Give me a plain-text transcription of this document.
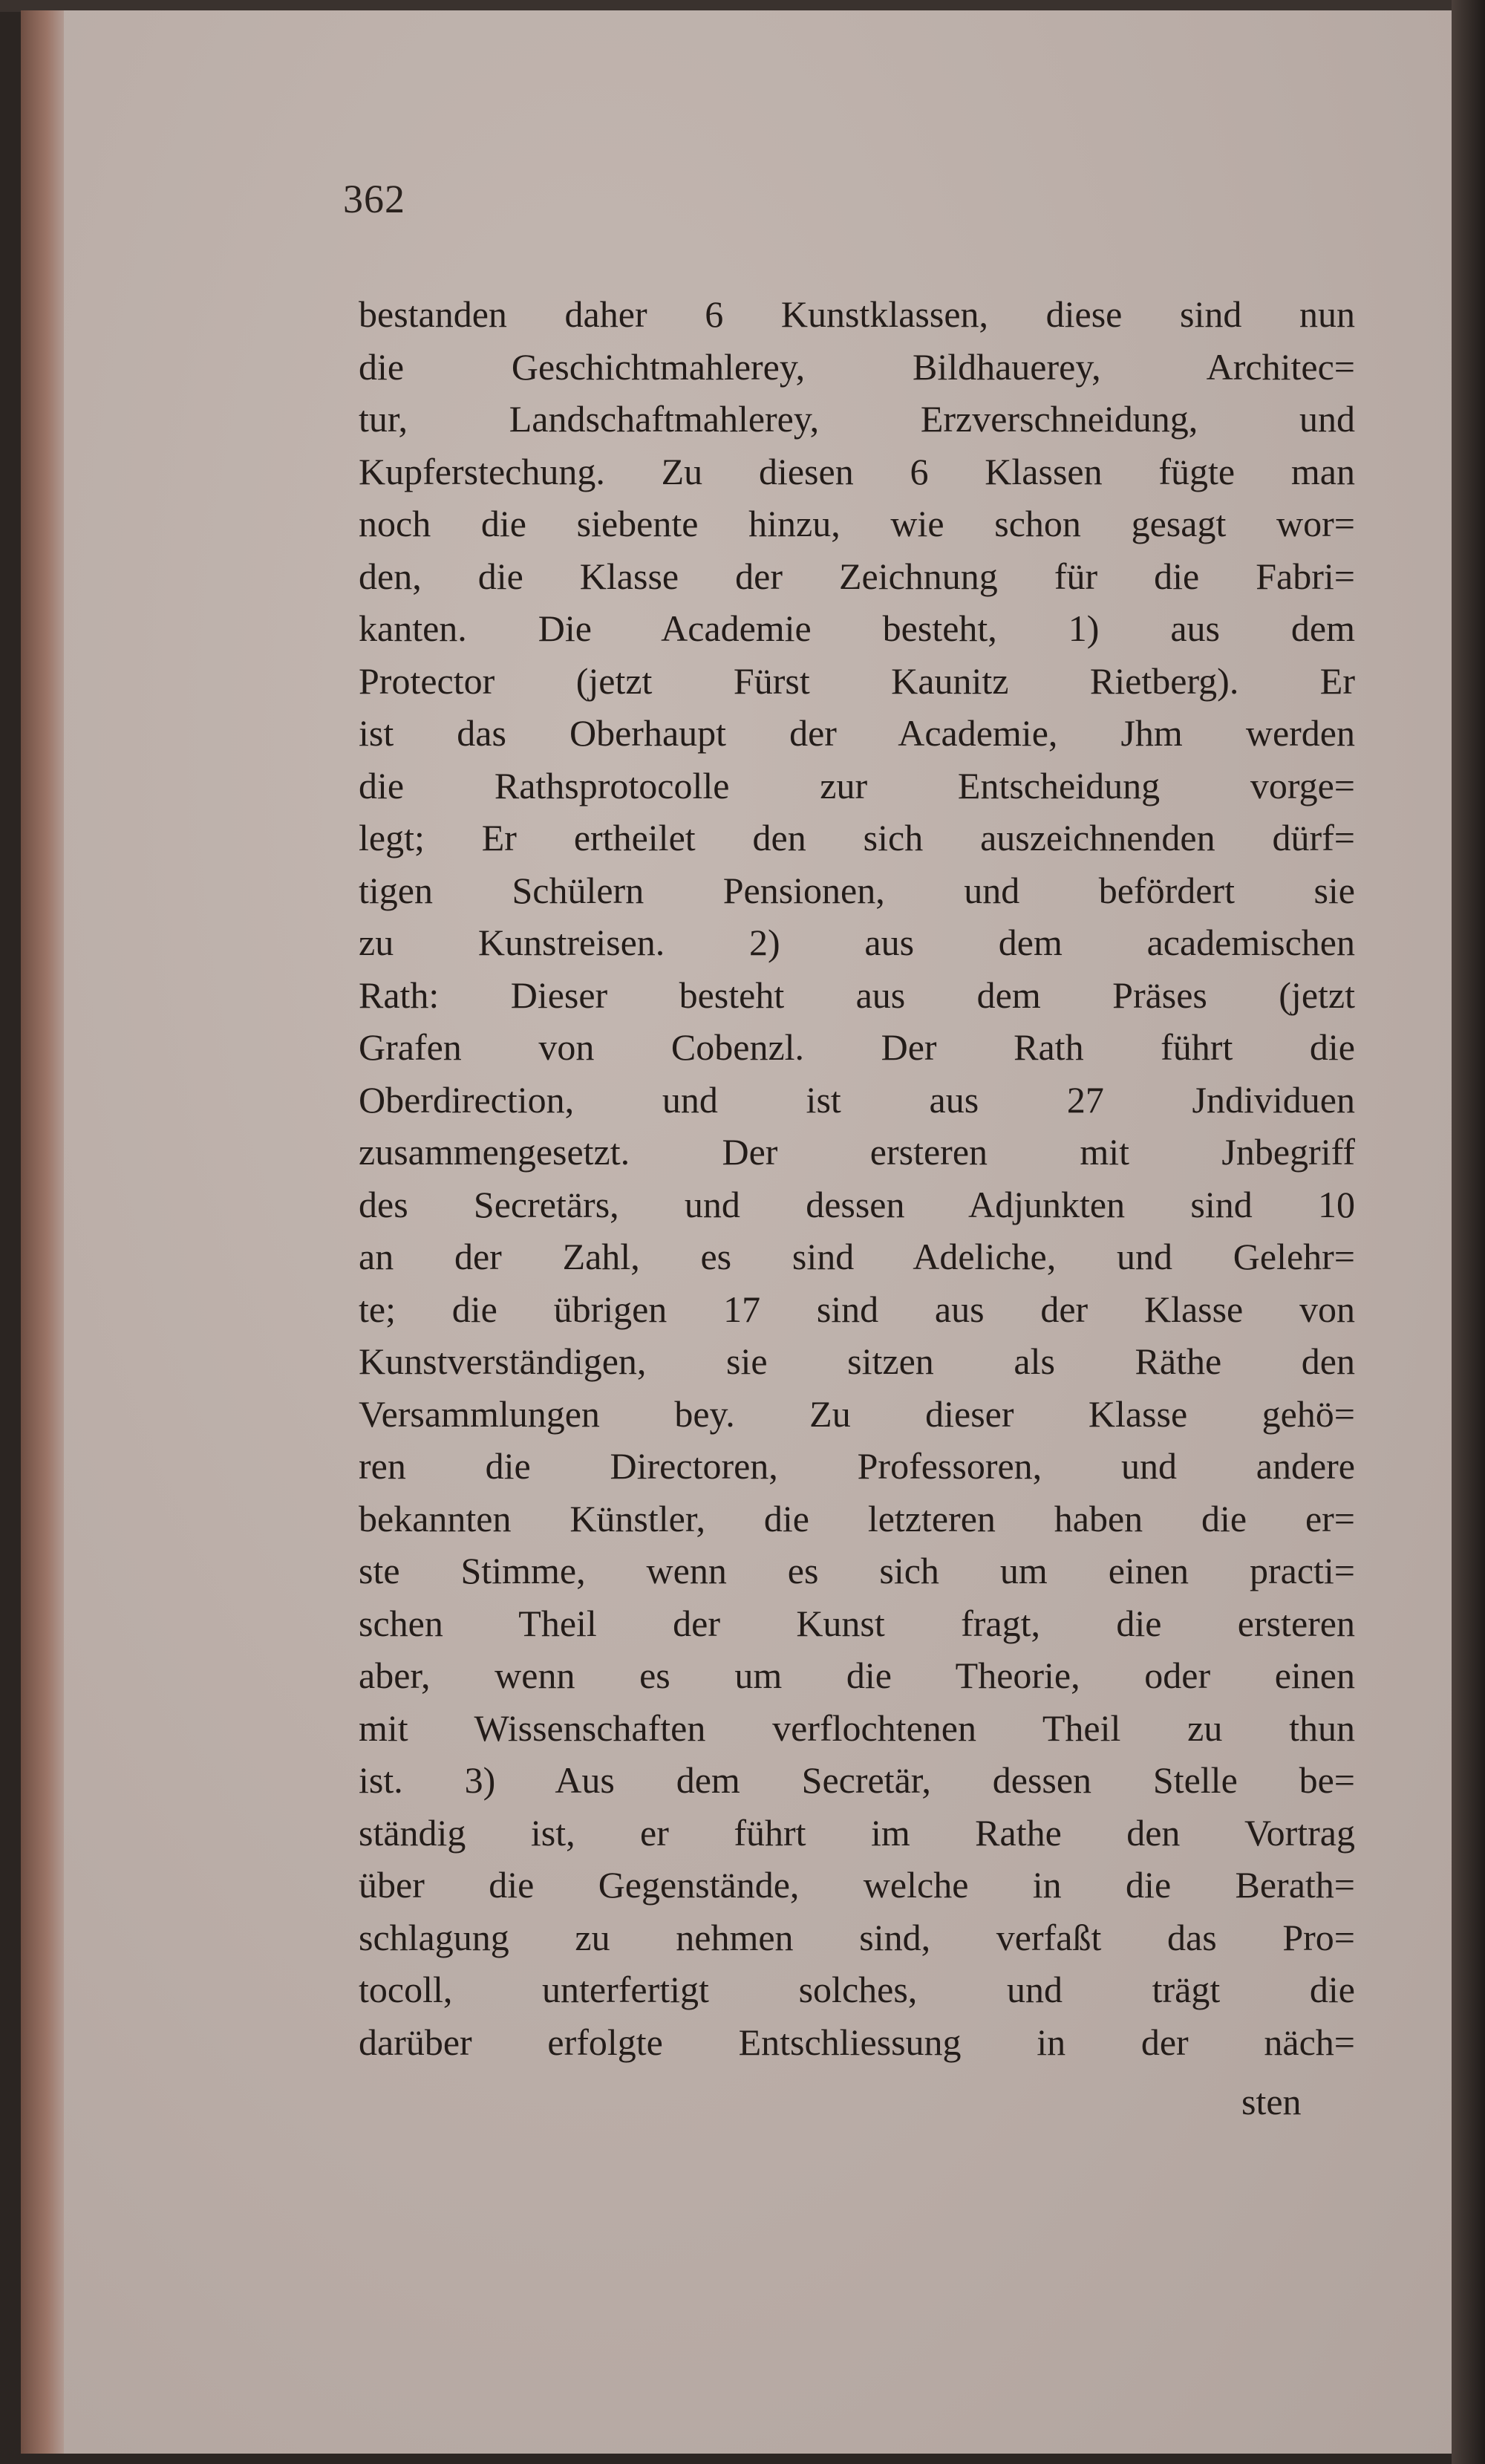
362
bestanden daher 6 Kunstklassen, diese sind nun
die Geschichtmahlerey, Bildhauerey, Architec=
tur, Landschaftmahlerey, Erzverschneidung, und
Kupferstechung. Zu diesen 6 Klassen fügte man
noch die siebente hinzu, wie schon gesagt wor=
den, die Klasse der Zeichnung für die Fabri=
kanten. Die Academie besteht, 1) aus dem
Protector (jetzt Fürst Kaunitz Rietberg). Er
ist das Oberhaupt der Academie, Jhm werden
die Rathsprotocolle zur Entscheidung vorge=
legt; Er ertheilet den sich auszeichnenden dürf=
tigen Schülern Pensionen, und befördert sie
zu Kunstreisen. 2) aus dem academischen
Rath: Dieser besteht aus dem Präses (jetzt
Grafen von Cobenzl. Der Rath führt die
Oberdirection, und ist aus 27 Jndividuen
zusammengesetzt. Der ersteren mit Jnbegriff
des Secretärs, und dessen Adjunkten sind 10
an der Zahl, es sind Adeliche, und Gelehr=
te; die übrigen 17 sind aus der Klasse von
Kunstverständigen, sie sitzen als Räthe den
Versammlungen bey. Zu dieser Klasse gehö=
ren die Directoren, Professoren, und andere
bekannten Künstler, die letzteren haben die er=
ste Stimme, wenn es sich um einen practi=
schen Theil der Kunst fragt, die ersteren
aber, wenn es um die Theorie, oder einen
mit Wissenschaften verflochtenen Theil zu thun
ist. 3) Aus dem Secretär, dessen Stelle be=
ständig ist, er führt im Rathe den Vortrag
über die Gegenstände, welche in die Berath=
schlagung zu nehmen sind, verfaßt das Pro=
tocoll, unterfertigt solches, und trägt die
darüber erfolgte Entschliessung in der näch=
sten
